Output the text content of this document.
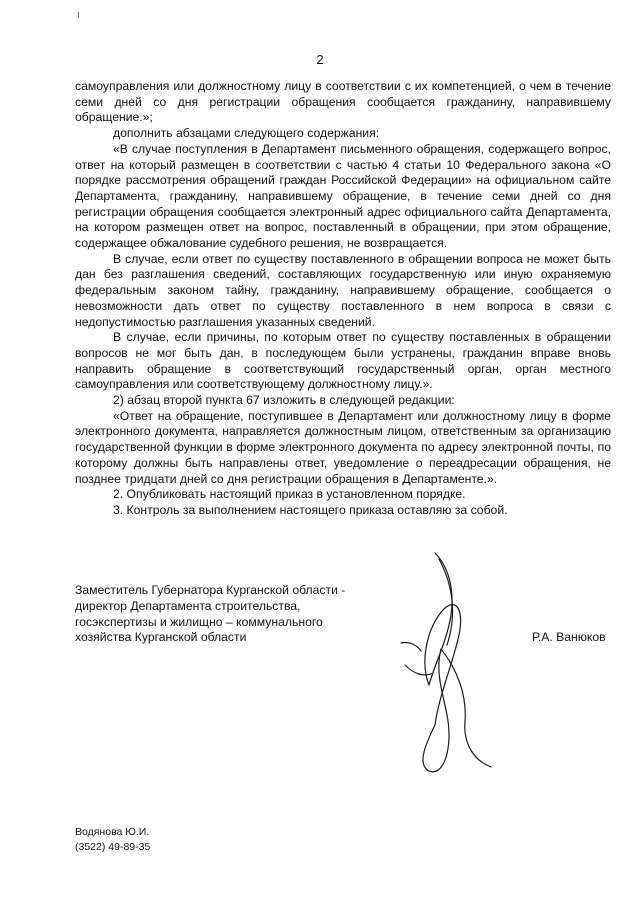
2

самоуправления или должностному лицу в соответствии с их компетенцией, о чем в течение семи дней со дня регистрации обращения сообщается гражданину, направившему обращение.»;

дополнить абзацами следующего содержания:

«В случае поступления в Департамент письменного обращения, содержащего вопрос, ответ на который размещен в соответствии с частью 4 статьи 10 Федерального закона «О порядке рассмотрения обращений граждан Российской Федерации» на официальном сайте Департамента, гражданину, направившему обращение, в течение семи дней со дня регистрации обращения сообщается электронный адрес официального сайта Департамента, на котором размещен ответ на вопрос, поставленный в обращении, при этом обращение, содержащее обжалование судебного решения, не возвращается.

В случае, если ответ по существу поставленного в обращении вопроса не может быть дан без разглашения сведений, составляющих государственную или иную охраняемую федеральным законом тайну, гражданину, направившему обращение, сообщается о невозможности дать ответ по существу поставленного в нем вопроса в связи с недопустимостью разглашения указанных сведений.

В случае, если причины, по которым ответ по существу поставленных в обращении вопросов не мог быть дан, в последующем были устранены, гражданин вправе вновь направить обращение в соответствующий государственный орган, орган местного самоуправления или соответствующему должностному лицу.».

2) абзац второй пункта 67 изложить в следующей редакции:

«Ответ на обращение, поступившее в Департамент или должностному лицу в форме электронного документа, направляется должностным лицом, ответственным за организацию государственной функции в форме электронного документа по адресу электронной почты, по которому должны быть направлены ответ, уведомление о переадресации обращения, не позднее тридцати дней со дня регистрации обращения в Департаменте.».

2. Опубликовать настоящий приказ в установленном порядке.

3. Контроль за выполнением настоящего приказа оставляю за собой.

Заместитель Губернатора Курганской области -
директор Департамента строительства,
госэкспертизы и жилищно – коммунального
хозяйства Курганской области	Р.А. Ванюков
Водянова Ю.И.
(3522) 49-89-35
